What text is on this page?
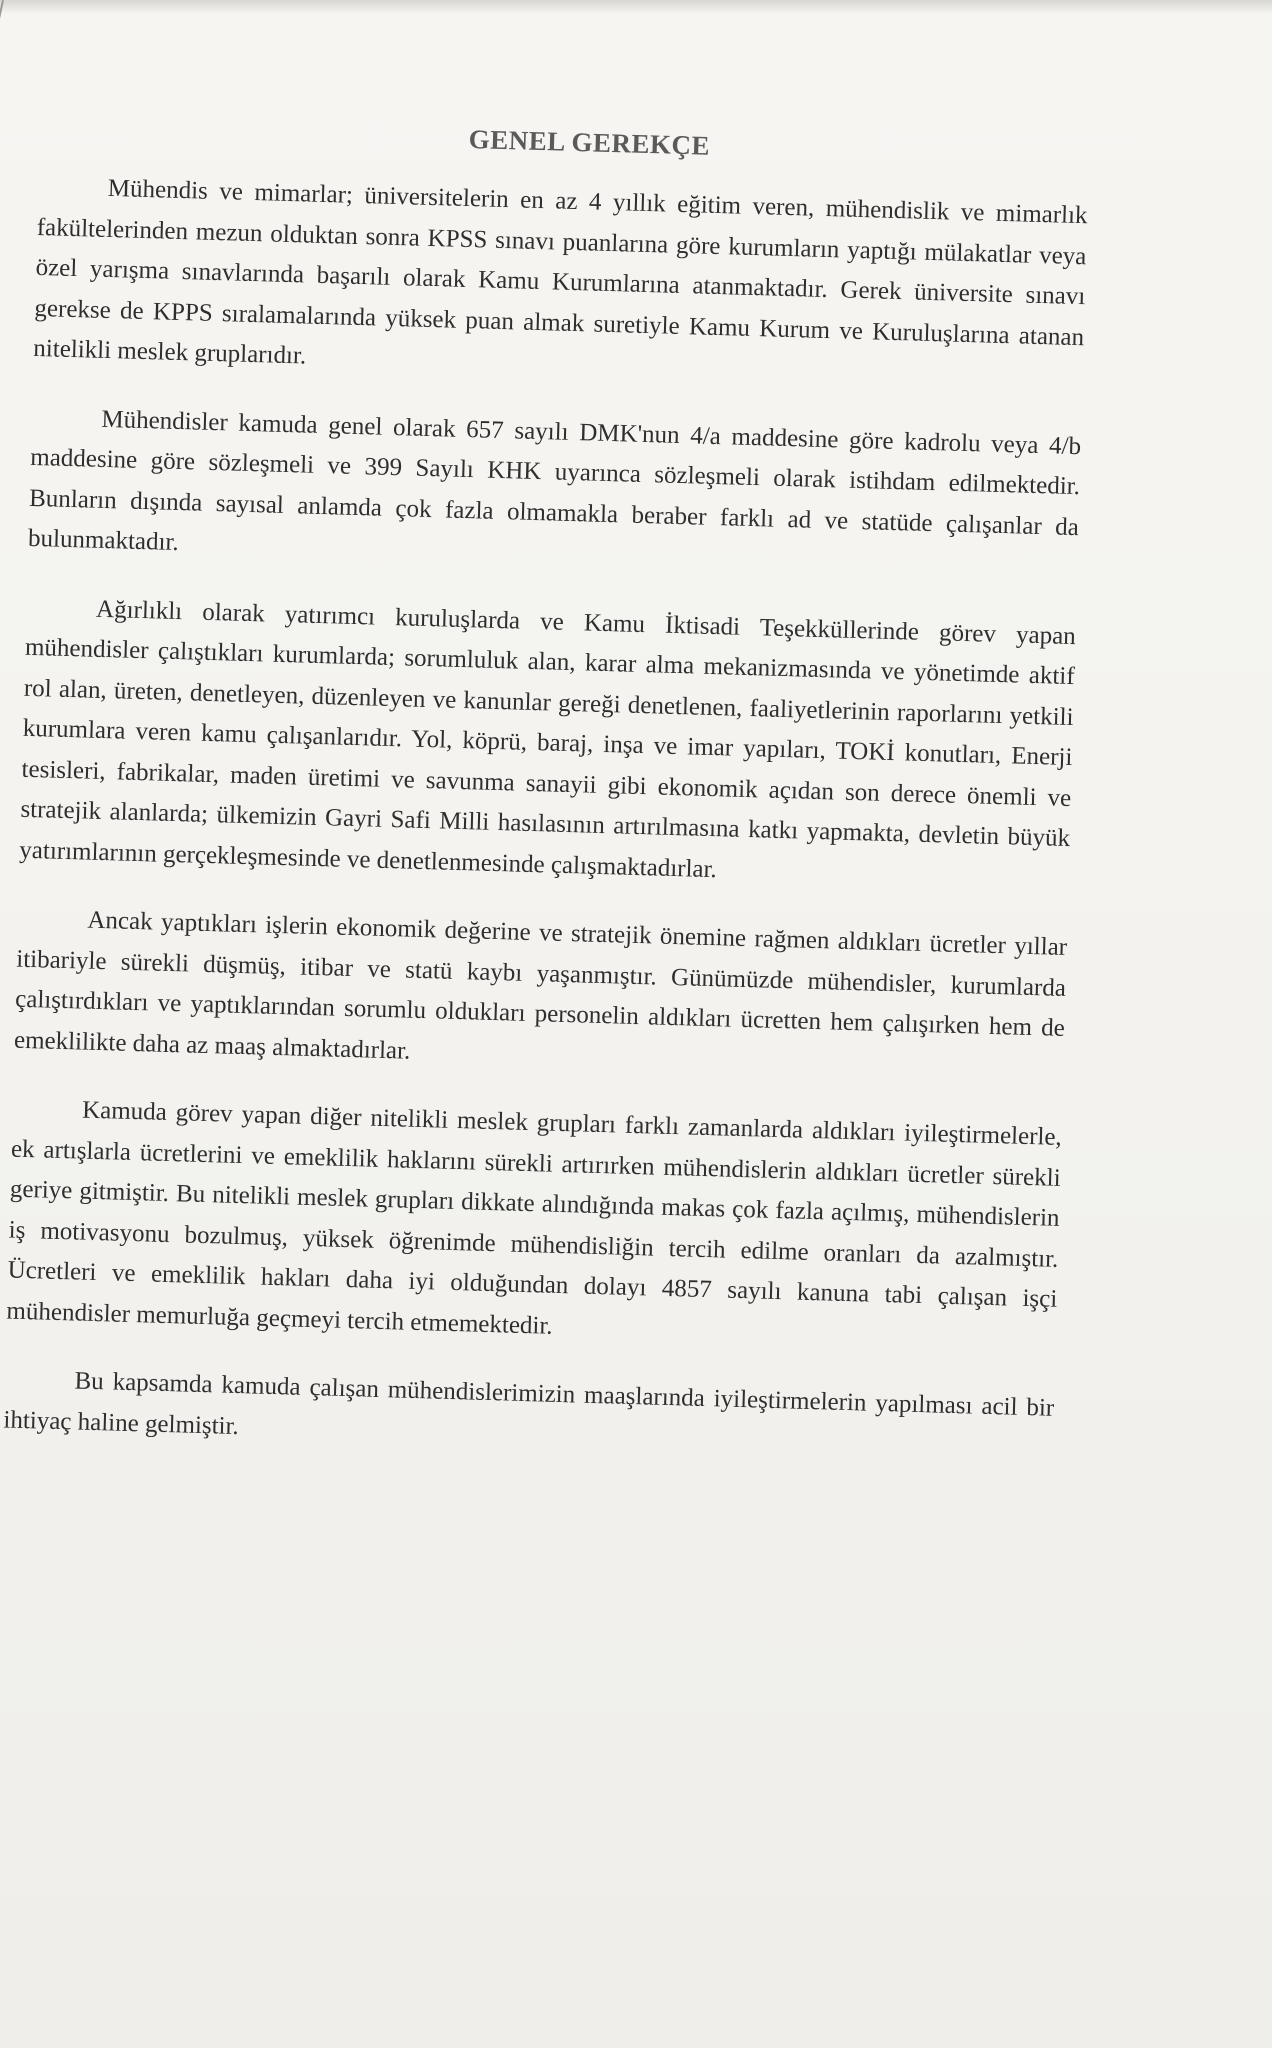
GENEL GEREKÇE

Mühendis ve mimarlar; üniversitelerin en az 4 yıllık eğitim veren, mühendislik ve mimarlık fakültelerinden mezun olduktan sonra KPSS sınavı puanlarına göre kurumların yaptığı mülakatlar veya özel yarışma sınavlarında başarılı olarak Kamu Kurumlarına atanmaktadır. Gerek üniversite sınavı gerekse de KPPS sıralamalarında yüksek puan almak suretiyle Kamu Kurum ve Kuruluşlarına atanan nitelikli meslek gruplarıdır.

Mühendisler kamuda genel olarak 657 sayılı DMK'nun 4/a maddesine göre kadrolu veya 4/b maddesine göre sözleşmeli ve 399 Sayılı KHK uyarınca sözleşmeli olarak istihdam edilmektedir. Bunların dışında sayısal anlamda çok fazla olmamakla beraber farklı ad ve statüde çalışanlar da bulunmaktadır.

Ağırlıklı olarak yatırımcı kuruluşlarda ve Kamu İktisadi Teşekküllerinde görev yapan mühendisler çalıştıkları kurumlarda; sorumluluk alan, karar alma mekanizmasında ve yönetimde aktif rol alan, üreten, denetleyen, düzenleyen ve kanunlar gereği denetlenen, faaliyetlerinin raporlarını yetkili kurumlara veren kamu çalışanlarıdır. Yol, köprü, baraj, inşa ve imar yapıları, TOKİ konutları, Enerji tesisleri, fabrikalar, maden üretimi ve savunma sanayii gibi ekonomik açıdan son derece önemli ve stratejik alanlarda; ülkemizin Gayri Safi Milli hasılasının artırılmasına katkı yapmakta, devletin büyük yatırımlarının gerçekleşmesinde ve denetlenmesinde çalışmaktadırlar.

Ancak yaptıkları işlerin ekonomik değerine ve stratejik önemine rağmen aldıkları ücretler yıllar itibariyle sürekli düşmüş, itibar ve statü kaybı yaşanmıştır. Günümüzde mühendisler, kurumlarda çalıştırdıkları ve yaptıklarından sorumlu oldukları personelin aldıkları ücretten hem çalışırken hem de emeklilikte daha az maaş almaktadırlar.

Kamuda görev yapan diğer nitelikli meslek grupları farklı zamanlarda aldıkları iyileştirmelerle, ek artışlarla ücretlerini ve emeklilik haklarını sürekli artırırken mühendislerin aldıkları ücretler sürekli geriye gitmiştir. Bu nitelikli meslek grupları dikkate alındığında makas çok fazla açılmış, mühendislerin iş motivasyonu bozulmuş, yüksek öğrenimde mühendisliğin tercih edilme oranları da azalmıştır. Ücretleri ve emeklilik hakları daha iyi olduğundan dolayı 4857 sayılı kanuna tabi çalışan işçi mühendisler memurluğa geçmeyi tercih etmemektedir.

Bu kapsamda kamuda çalışan mühendislerimizin maaşlarında iyileştirmelerin yapılması acil bir ihtiyaç haline gelmiştir.
